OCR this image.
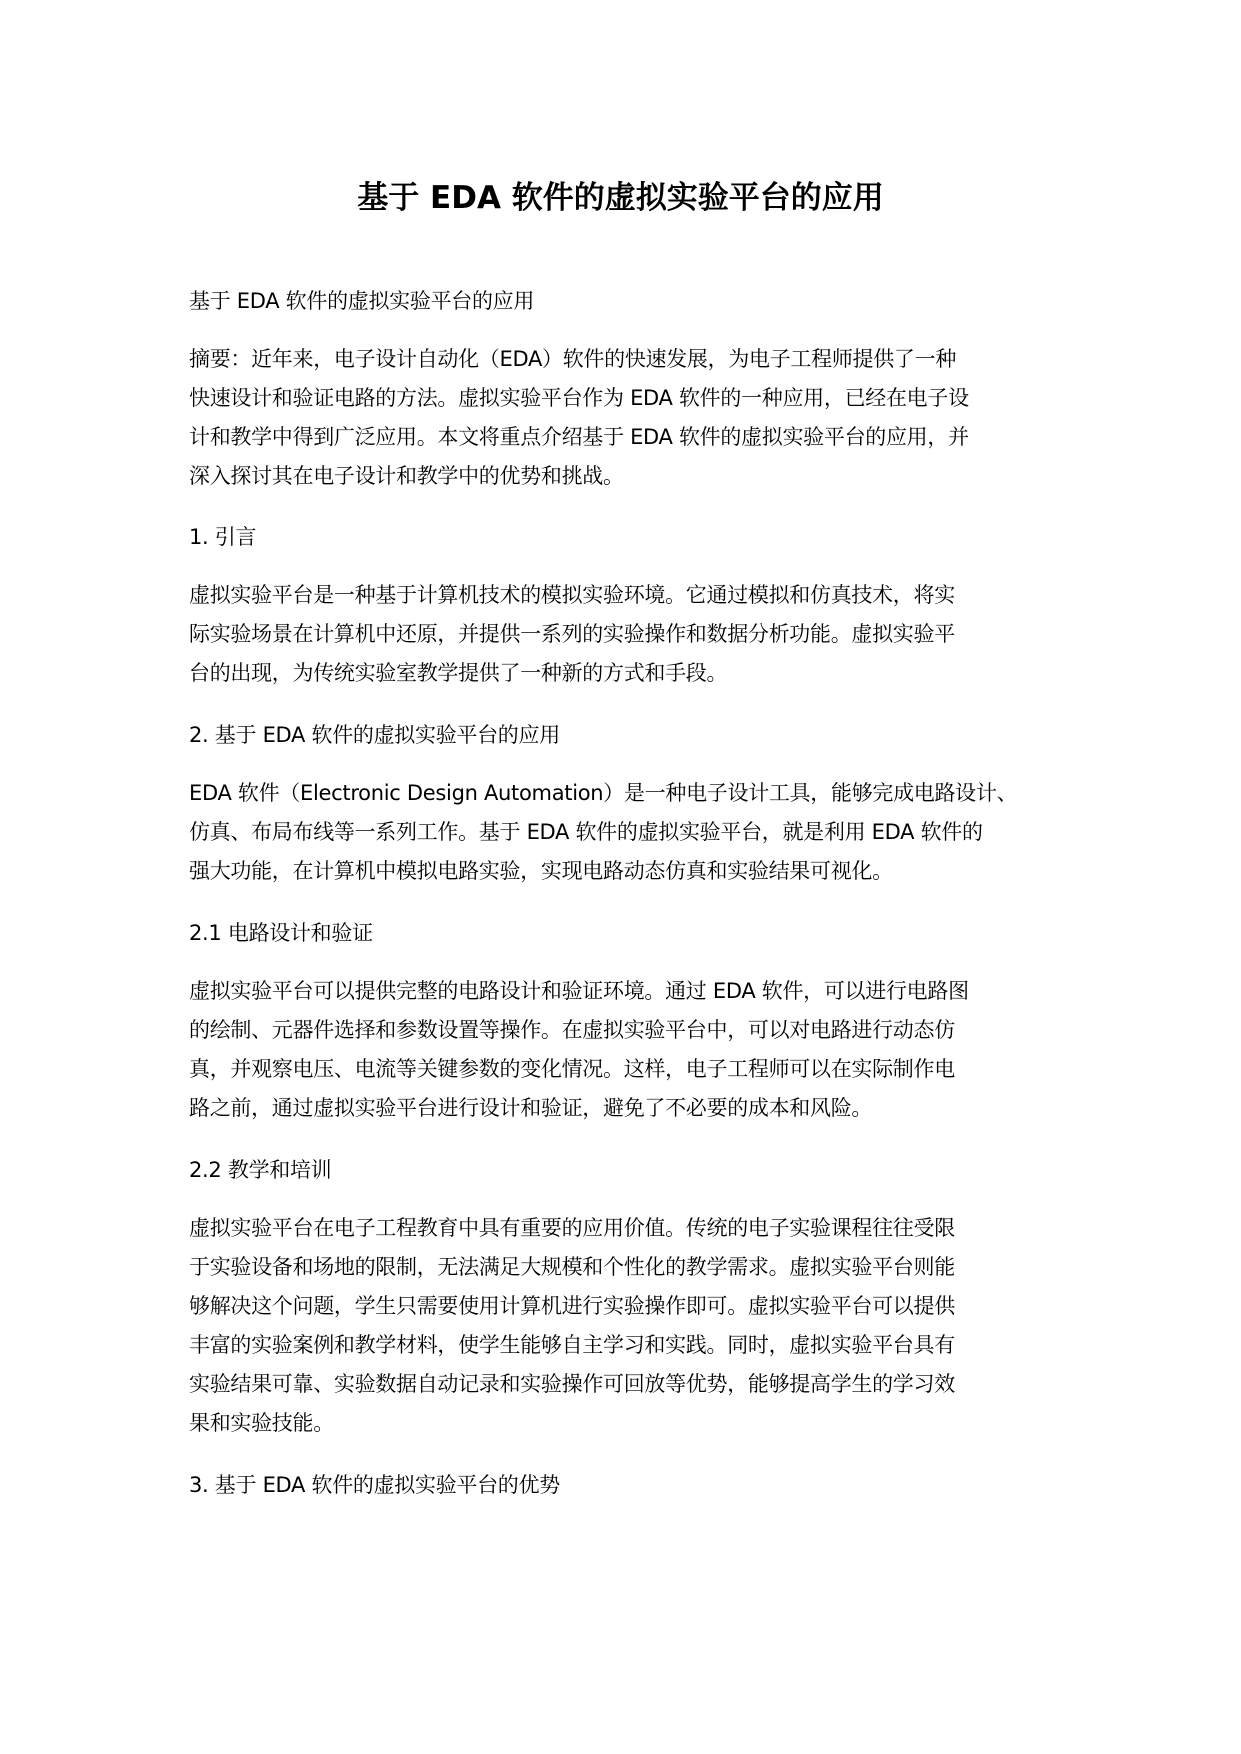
基于 EDA 软件的虚拟实验平台的应用

基于 EDA 软件的虚拟实验平台的应用

摘要：近年来，电子设计自动化（EDA）软件的快速发展，为电子工程师提供了一种
快速设计和验证电路的方法。虚拟实验平台作为 EDA 软件的一种应用，已经在电子设
计和教学中得到广泛应用。本文将重点介绍基于 EDA 软件的虚拟实验平台的应用，并
深入探讨其在电子设计和教学中的优势和挑战。

1. 引言

虚拟实验平台是一种基于计算机技术的模拟实验环境。它通过模拟和仿真技术，将实
际实验场景在计算机中还原，并提供一系列的实验操作和数据分析功能。虚拟实验平
台的出现，为传统实验室教学提供了一种新的方式和手段。

2. 基于 EDA 软件的虚拟实验平台的应用

EDA 软件（Electronic Design Automation）是一种电子设计工具，能够完成电路设计、
仿真、布局布线等一系列工作。基于 EDA 软件的虚拟实验平台，就是利用 EDA 软件的
强大功能，在计算机中模拟电路实验，实现电路动态仿真和实验结果可视化。

2.1 电路设计和验证

虚拟实验平台可以提供完整的电路设计和验证环境。通过 EDA 软件，可以进行电路图
的绘制、元器件选择和参数设置等操作。在虚拟实验平台中，可以对电路进行动态仿
真，并观察电压、电流等关键参数的变化情况。这样，电子工程师可以在实际制作电
路之前，通过虚拟实验平台进行设计和验证，避免了不必要的成本和风险。

2.2 教学和培训

虚拟实验平台在电子工程教育中具有重要的应用价值。传统的电子实验课程往往受限
于实验设备和场地的限制，无法满足大规模和个性化的教学需求。虚拟实验平台则能
够解决这个问题，学生只需要使用计算机进行实验操作即可。虚拟实验平台可以提供
丰富的实验案例和教学材料，使学生能够自主学习和实践。同时，虚拟实验平台具有
实验结果可靠、实验数据自动记录和实验操作可回放等优势，能够提高学生的学习效
果和实验技能。

3. 基于 EDA 软件的虚拟实验平台的优势
